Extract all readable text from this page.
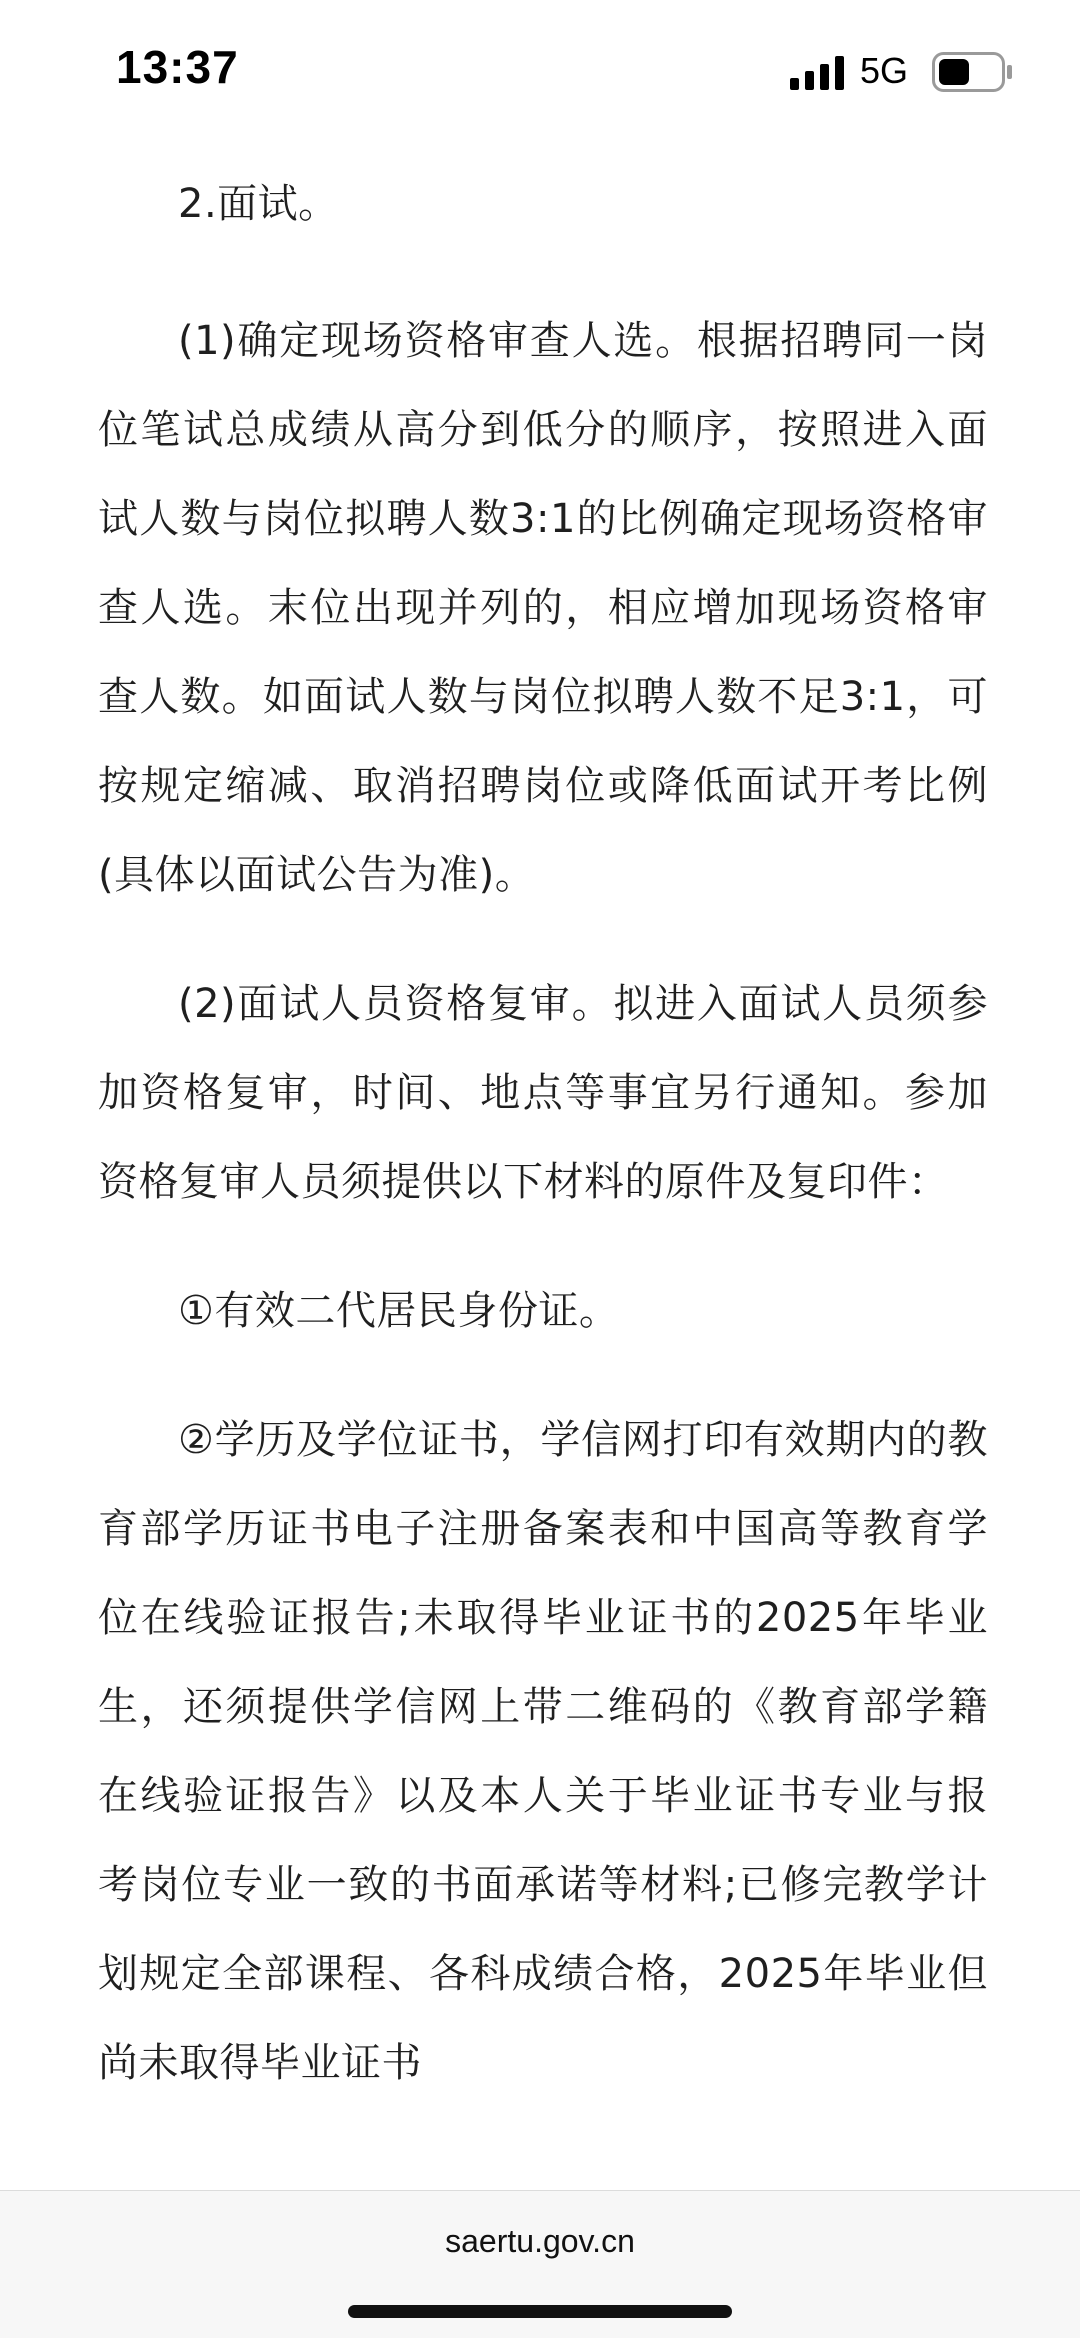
13:37	5G

2.面试。

(1)确定现场资格审查人选。根据招聘同一岗位笔试总成绩从高分到低分的顺序，按照进入面试人数与岗位拟聘人数3:1的比例确定现场资格审查人选。末位出现并列的，相应增加现场资格审查人数。如面试人数与岗位拟聘人数不足3:1，可按规定缩减、取消招聘岗位或降低面试开考比例(具体以面试公告为准)。

(2)面试人员资格复审。拟进入面试人员须参加资格复审，时间、地点等事宜另行通知。参加资格复审人员须提供以下材料的原件及复印件：

①有效二代居民身份证。

②学历及学位证书，学信网打印有效期内的教育部学历证书电子注册备案表和中国高等教育学位在线验证报告;未取得毕业证书的2025年毕业生，还须提供学信网上带二维码的《教育部学籍在线验证报告》以及本人关于毕业证书专业与报考岗位专业一致的书面承诺等材料;已修完教学计划规定全部课程、各科成绩合格，2025年毕业但尚未取得毕业证书

saertu.gov.cn
